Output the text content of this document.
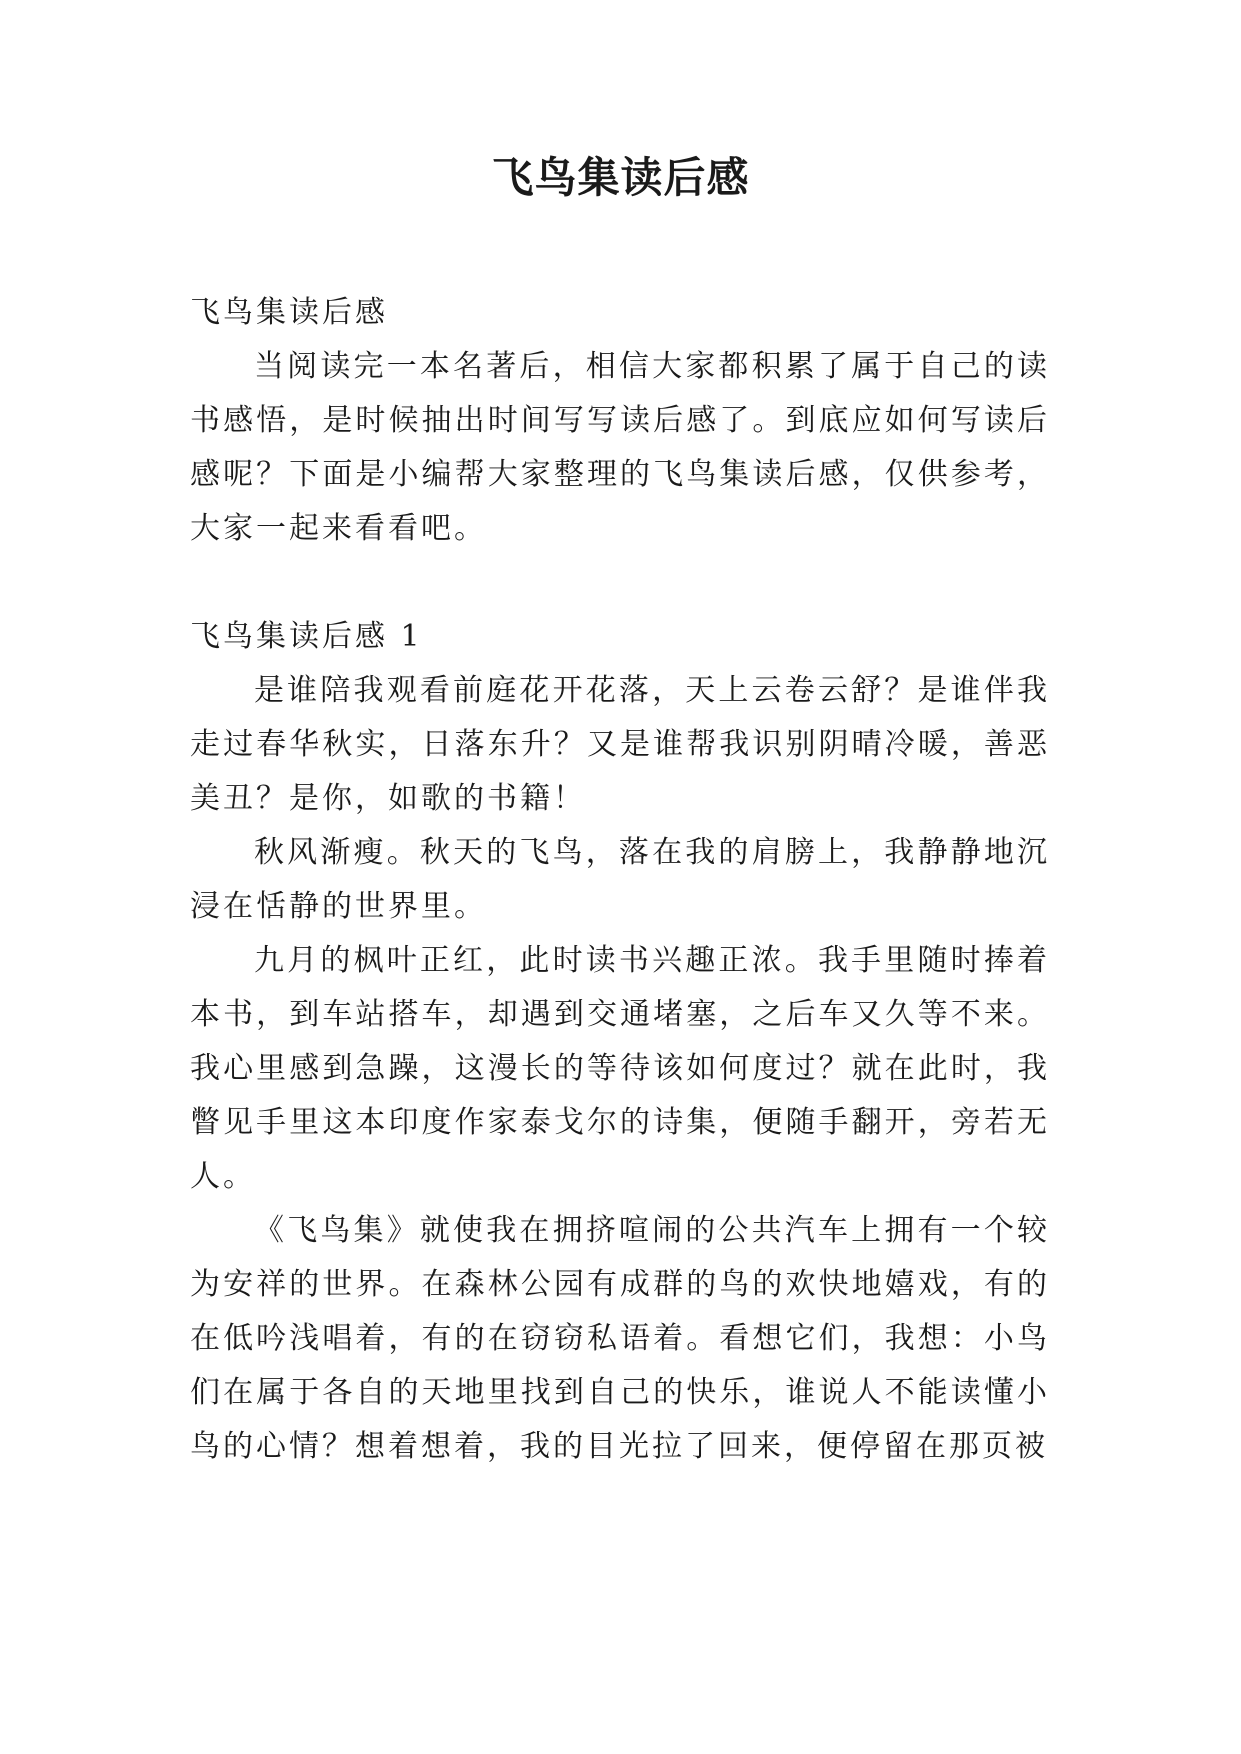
飞鸟集读后感

飞鸟集读后感

当阅读完一本名著后，相信大家都积累了属于自己的读书感悟，是时候抽出时间写写读后感了。到底应如何写读后感呢？下面是小编帮大家整理的飞鸟集读后感，仅供参考，大家一起来看看吧。

飞鸟集读后感 1

是谁陪我观看前庭花开花落，天上云卷云舒？是谁伴我走过春华秋实，日落东升？又是谁帮我识别阴晴冷暖，善恶美丑？是你，如歌的书籍！

秋风渐瘦。秋天的飞鸟，落在我的肩膀上，我静静地沉浸在恬静的世界里。

九月的枫叶正红，此时读书兴趣正浓。我手里随时捧着本书，到车站搭车，却遇到交通堵塞，之后车又久等不来。我心里感到急躁，这漫长的等待该如何度过？就在此时，我瞥见手里这本印度作家泰戈尔的诗集，便随手翻开，旁若无人。

《飞鸟集》就使我在拥挤喧闹的公共汽车上拥有一个较为安祥的世界。在森林公园有成群的鸟的欢快地嬉戏，有的在低吟浅唱着，有的在窃窃私语着。看想它们，我想：小鸟们在属于各自的天地里找到自己的快乐，谁说人不能读懂小鸟的心情？想着想着，我的目光拉了回来，便停留在那页被
